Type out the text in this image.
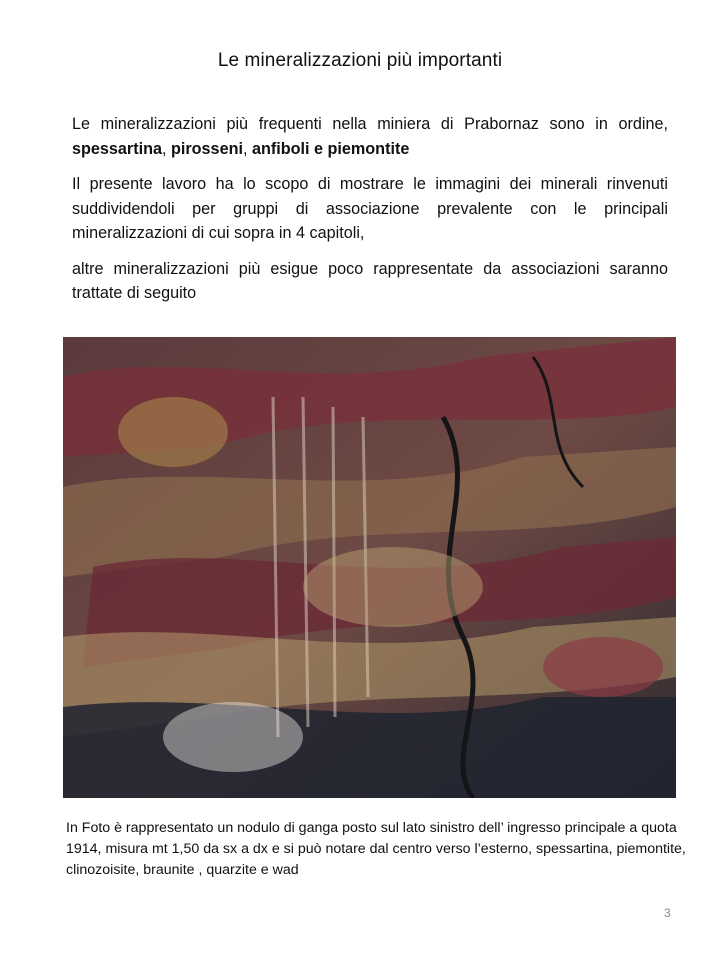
Le mineralizzazioni più importanti

Le mineralizzazioni più frequenti nella miniera di Prabornaz sono in ordine, spessartina, pirosseni, anfiboli e piemontite

Il presente lavoro ha lo scopo di mostrare le immagini dei minerali rinvenuti suddividendoli per gruppi di associazione prevalente con le principali mineralizzazioni di cui sopra in 4 capitoli,

altre mineralizzazioni più esigue poco rappresentate da associazioni saranno trattate di seguito

In Foto è rappresentato un nodulo di ganga posto sul lato sinistro dell’ ingresso principale a quota 1914, misura mt 1,50 da sx a dx e si può notare dal centro verso l’esterno, spessartina, piemontite, clinozoisite, braunite , quarzite e wad
3
